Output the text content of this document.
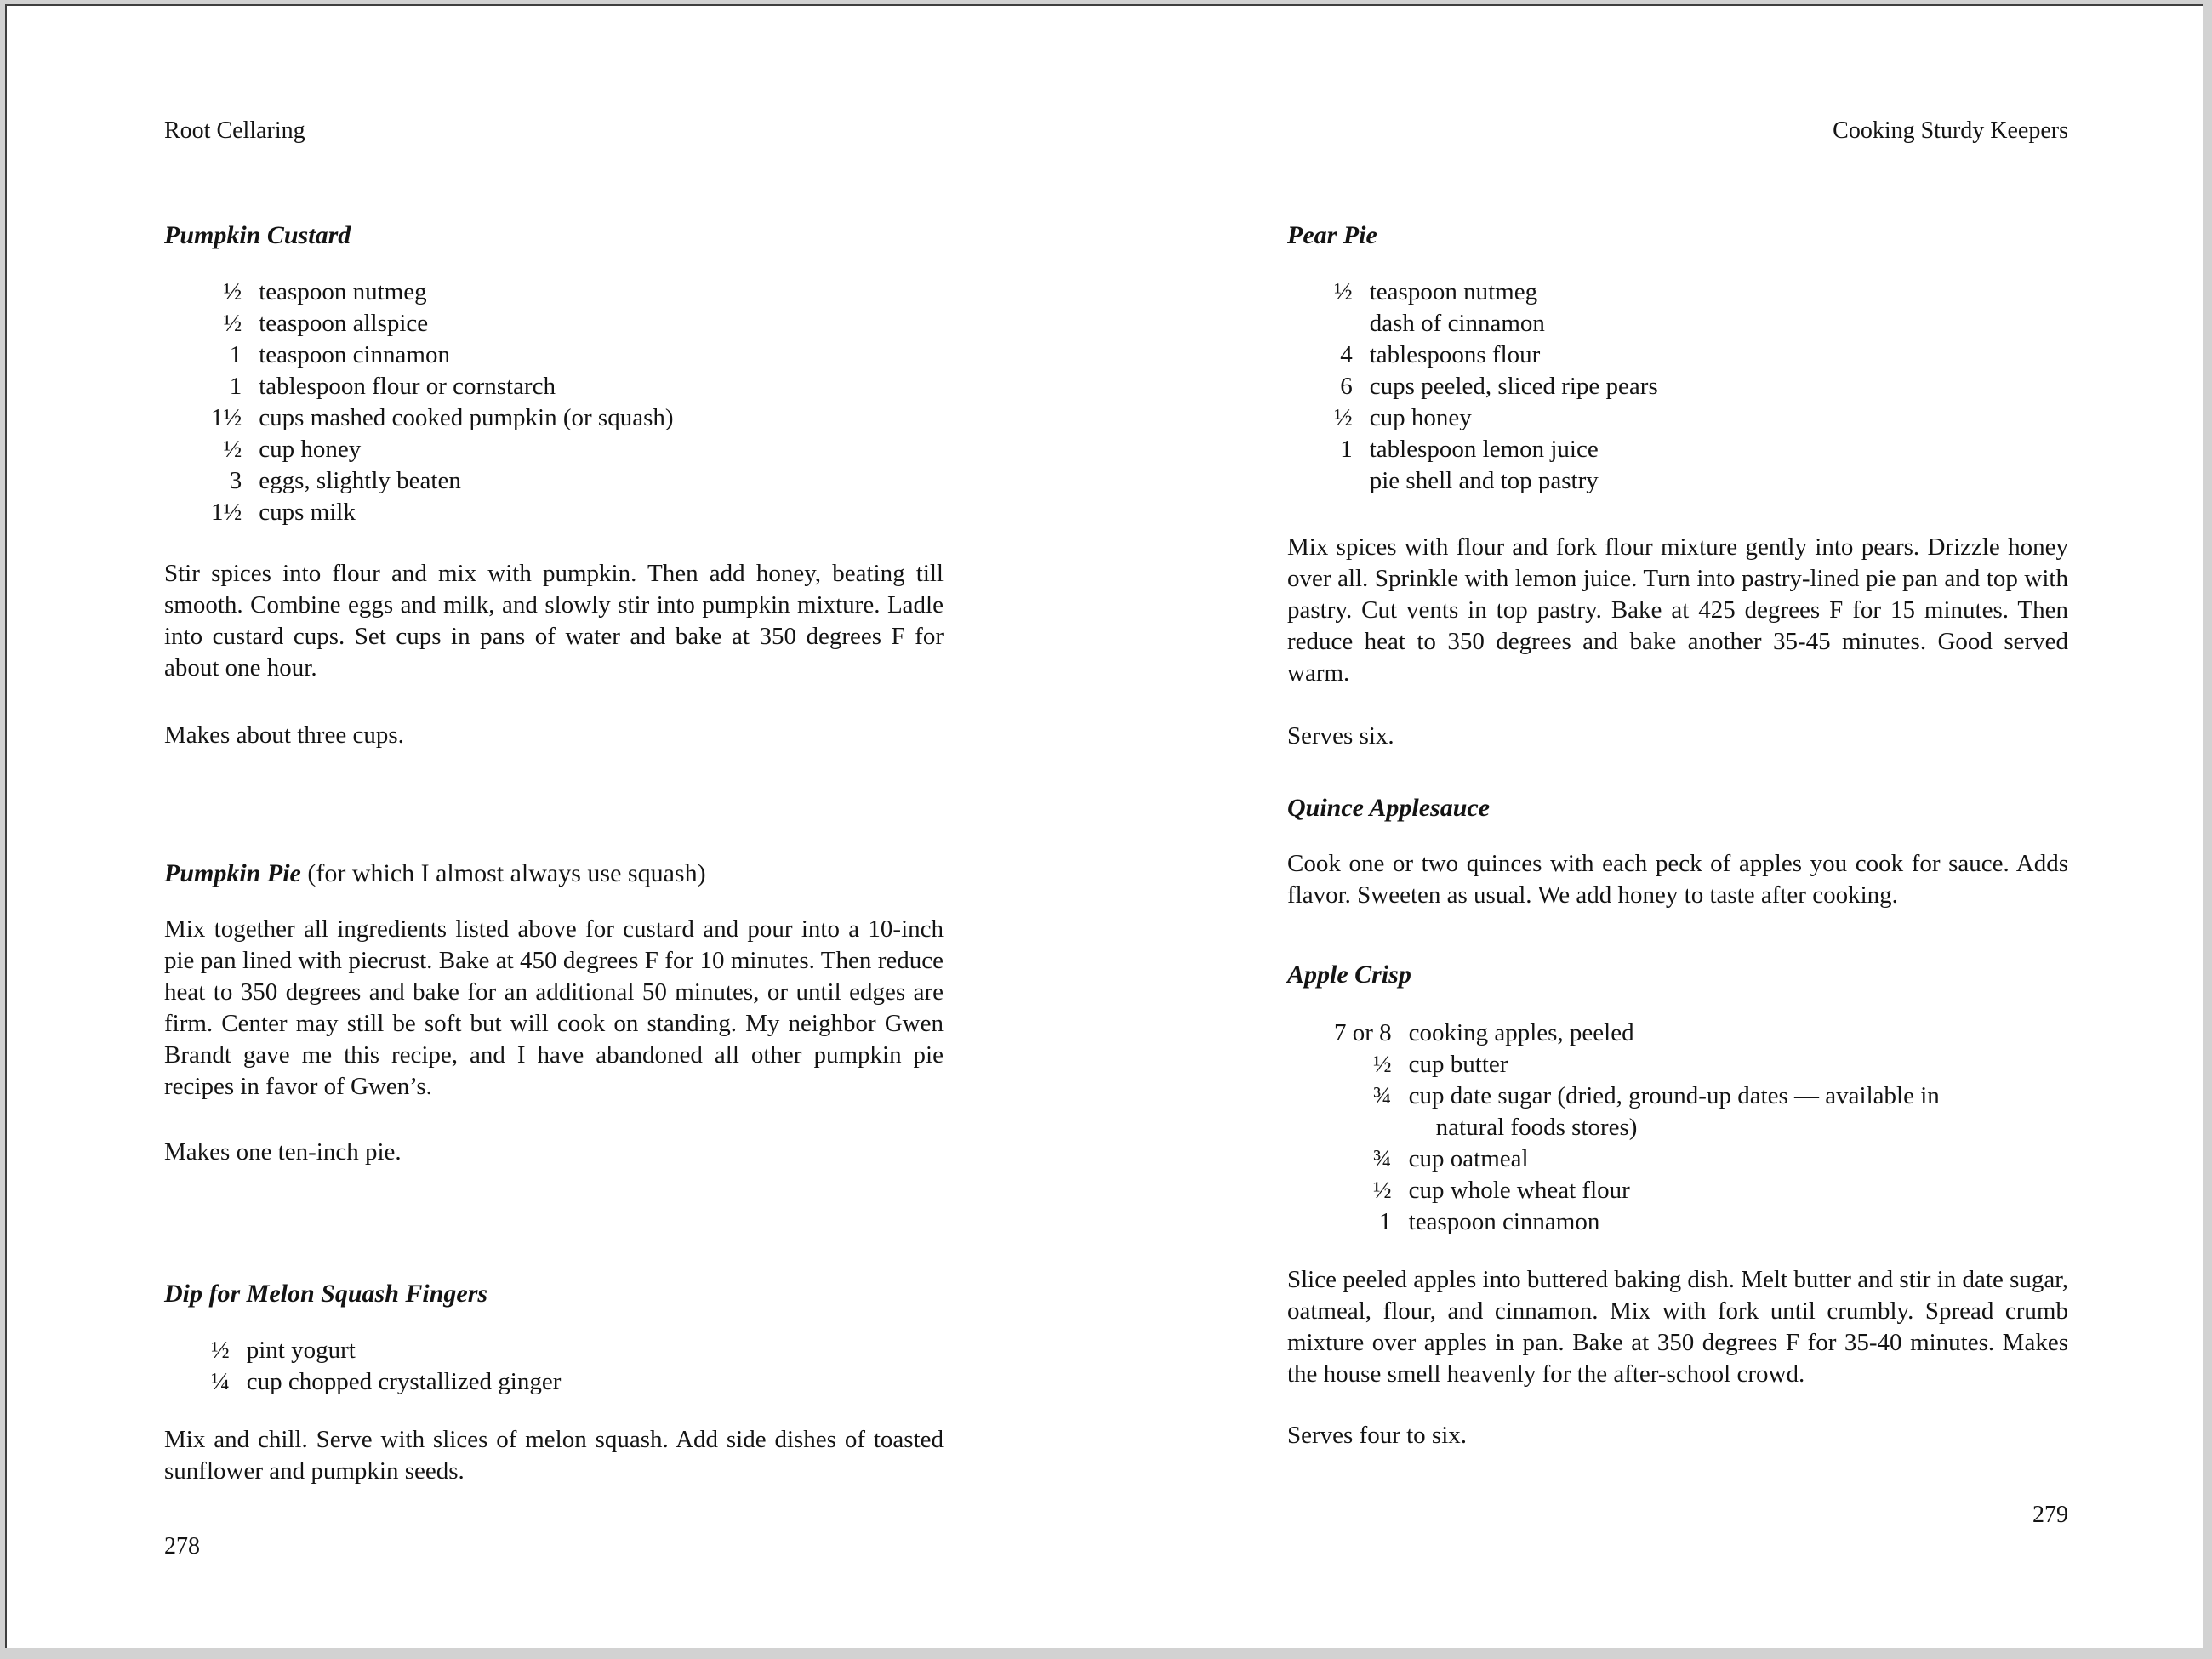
Root Cellaring
Pumpkin Custard
½	teaspoon nutmeg
½	teaspoon allspice
1	teaspoon cinnamon
1	tablespoon flour or cornstarch
1½	cups mashed cooked pumpkin (or squash)
½	cup honey
3	eggs, slightly beaten
1½	cups milk

Stir spices into flour and mix with pumpkin. Then add honey, beating till smooth. Combine eggs and milk, and slowly stir into pumpkin mixture. Ladle into custard cups. Set cups in pans of water and bake at 350 degrees F for about one hour.

Makes about three cups.

Pumpkin Pie (for which I almost always use squash)

Mix together all ingredients listed above for custard and pour into a 10-inch pie pan lined with piecrust. Bake at 450 degrees F for 10 minutes. Then reduce heat to 350 degrees and bake for an additional 50 minutes, or until edges are firm. Center may still be soft but will cook on standing. My neighbor Gwen Brandt gave me this recipe, and I have abandoned all other pumpkin pie recipes in favor of Gwen’s.

Makes one ten-inch pie.

Dip for Melon Squash Fingers
½	pint yogurt
¼	cup chopped crystallized ginger

Mix and chill. Serve with slices of melon squash. Add side dishes of toasted sunflower and pumpkin seeds.

278
Cooking Sturdy Keepers
Pear Pie
½	teaspoon nutmeg
	dash of cinnamon
4	tablespoons flour
6	cups peeled, sliced ripe pears
½	cup honey
1	tablespoon lemon juice
	pie shell and top pastry

Mix spices with flour and fork flour mixture gently into pears. Drizzle honey over all. Sprinkle with lemon juice. Turn into pastry-lined pie pan and top with pastry. Cut vents in top pastry. Bake at 425 degrees F for 15 minutes. Then reduce heat to 350 degrees and bake another 35-45 minutes. Good served warm.

Serves six.

Quince Applesauce

Cook one or two quinces with each peck of apples you cook for sauce. Adds flavor. Sweeten as usual. We add honey to taste after cooking.

Apple Crisp
7 or 8	cooking apples, peeled
½	cup butter
¾	cup date sugar (dried, ground-up dates — available in
	natural foods stores)
¾	cup oatmeal
½	cup whole wheat flour
1	teaspoon cinnamon

Slice peeled apples into buttered baking dish. Melt butter and stir in date sugar, oatmeal, flour, and cinnamon. Mix with fork until crumbly. Spread crumb mixture over apples in pan. Bake at 350 degrees F for 35-40 minutes. Makes the house smell heavenly for the after-school crowd.

Serves four to six.

279
